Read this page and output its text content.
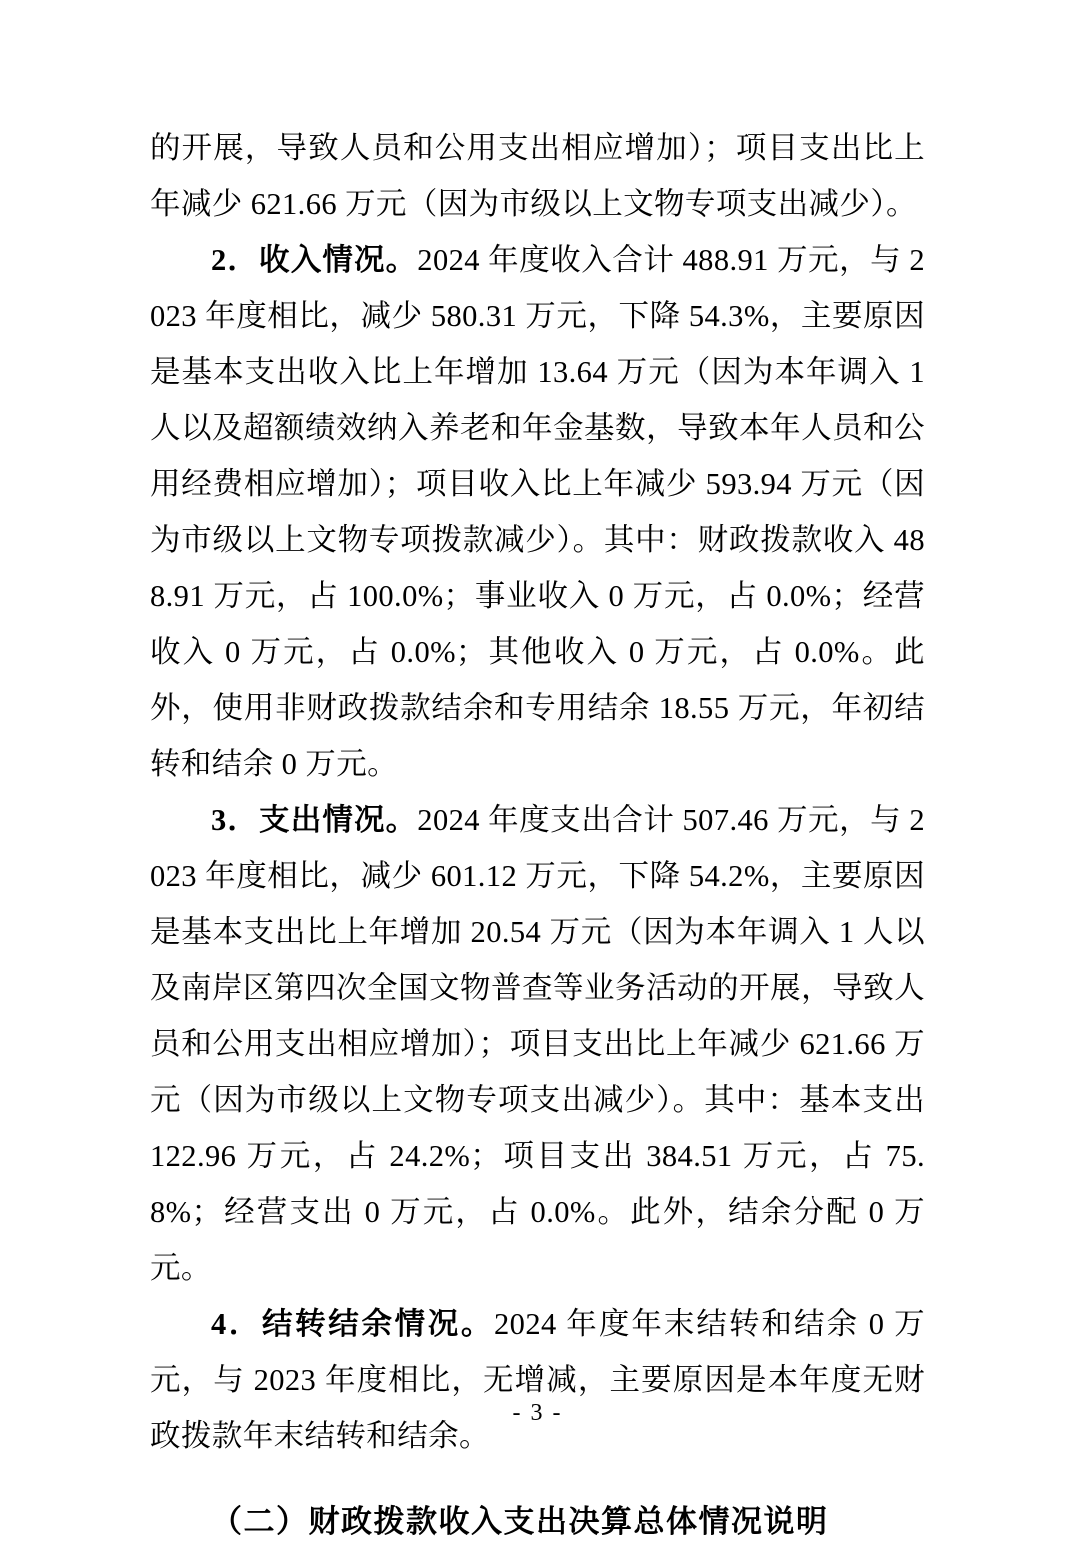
的开展，导致人员和公用支出相应增加）；项目支出比上年减少 621.66 万元（因为市级以上文物专项支出减少）。

2．收入情况。2024 年度收入合计 488.91 万元，与 2023 年度相比，减少 580.31 万元，下降 54.3%，主要原因是基本支出收入比上年增加 13.64 万元（因为本年调入 1 人以及超额绩效纳入养老和年金基数，导致本年人员和公用经费相应增加）；项目收入比上年减少 593.94 万元（因为市级以上文物专项拨款减少）。其中：财政拨款收入 488.91 万元，占 100.0%；事业收入 0 万元，占 0.0%；经营收入 0 万元，占 0.0%；其他收入 0 万元，占 0.0%。此外，使用非财政拨款结余和专用结余 18.55 万元，年初结转和结余 0 万元。

3．支出情况。2024 年度支出合计 507.46 万元，与 2023 年度相比，减少 601.12 万元，下降 54.2%，主要原因是基本支出比上年增加 20.54 万元（因为本年调入 1 人以及南岸区第四次全国文物普查等业务活动的开展，导致人员和公用支出相应增加）；项目支出比上年减少 621.66 万元（因为市级以上文物专项支出减少）。其中：基本支出 122.96 万元，占 24.2%；项目支出 384.51 万元，占 75.8%；经营支出 0 万元，占 0.0%。此外，结余分配 0 万元。

4．结转结余情况。2024 年度年末结转和结余 0 万元，与 2023 年度相比，无增减，主要原因是本年度无财政拨款年末结转和结余。

（二）财政拨款收入支出决算总体情况说明

- 3 -
